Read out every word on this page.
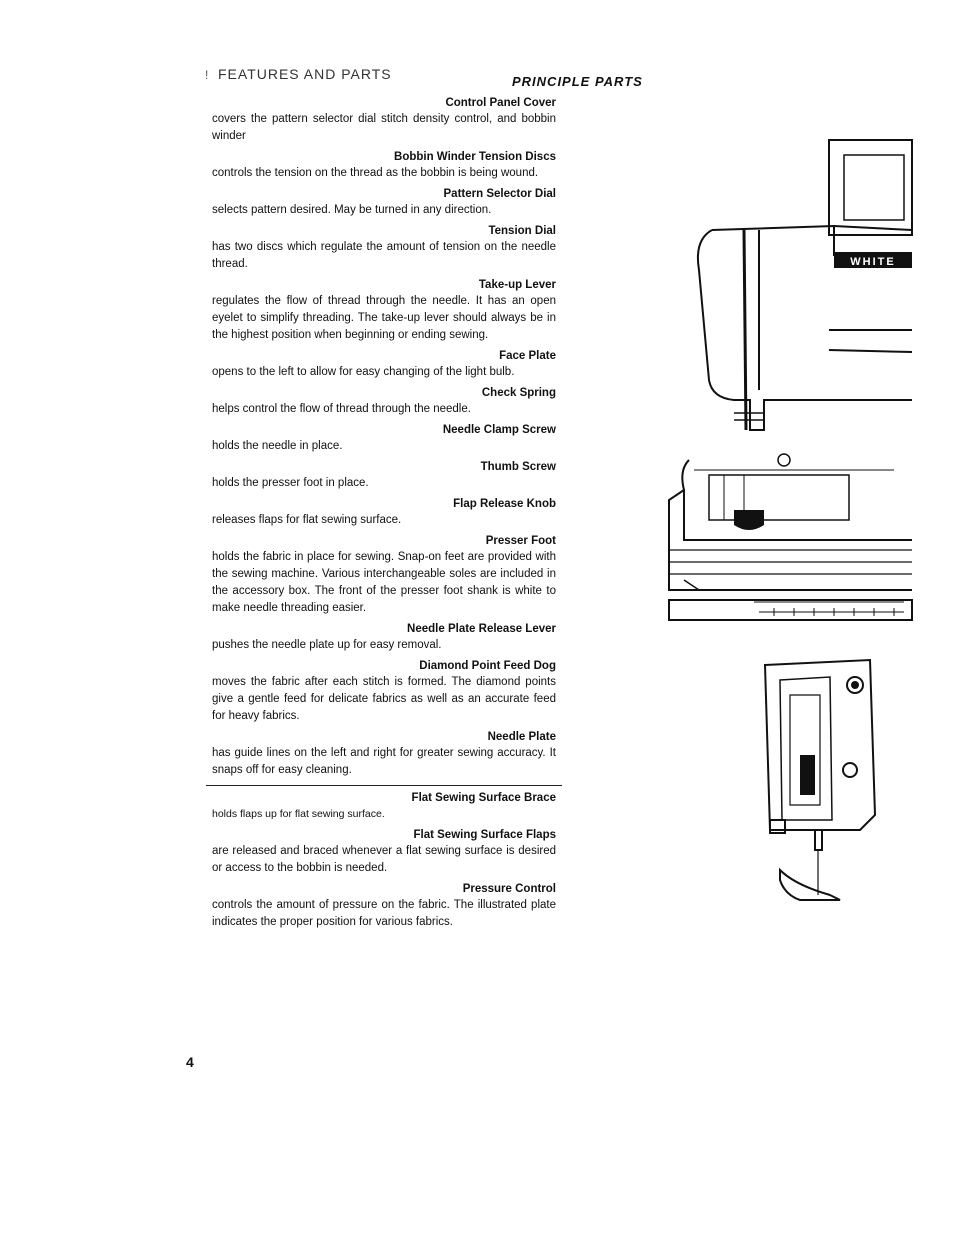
! FEATURES AND PARTS	PRINCIPLE PARTS
Control Panel Cover
covers the pattern selector dial stitch density control, and bobbin winder
Bobbin Winder Tension Discs
controls the tension on the thread as the bobbin is being wound.
Pattern Selector Dial
selects pattern desired. May be turned in any direction.
Tension Dial
has two discs which regulate the amount of tension on the needle thread.
Take-up Lever
regulates the flow of thread through the needle. It has an open eyelet to simplify threading. The take-up lever should always be in the highest position when beginning or ending sewing.
Face Plate
opens to the left to allow for easy changing of the light bulb.
Check Spring
helps control the flow of thread through the needle.
Needle Clamp Screw
holds the needle in place.
Thumb Screw
holds the presser foot in place.
Flap Release Knob
releases flaps for flat sewing surface.
Presser Foot
holds the fabric in place for sewing. Snap-on feet are provided with the sewing machine. Various interchangeable soles are included in the accessory box. The front of the presser foot shank is white to make needle threading easier.
Needle Plate Release Lever
pushes the needle plate up for easy removal.
Diamond Point Feed Dog
moves the fabric after each stitch is formed. The diamond points give a gentle feed for delicate fabrics as well as an accurate feed for heavy fabrics.
Needle Plate
has guide lines on the left and right for greater sewing accuracy. It snaps off for easy cleaning.
Flat Sewing Surface Brace
holds flaps up for flat sewing surface.
Flat Sewing Surface Flaps
are released and braced whenever a flat sewing surface is desired or access to the bobbin is needed.
Pressure Control
controls the amount of pressure on the fabric. The illustrated plate indicates the proper position for various fabrics.
WHITE
4
